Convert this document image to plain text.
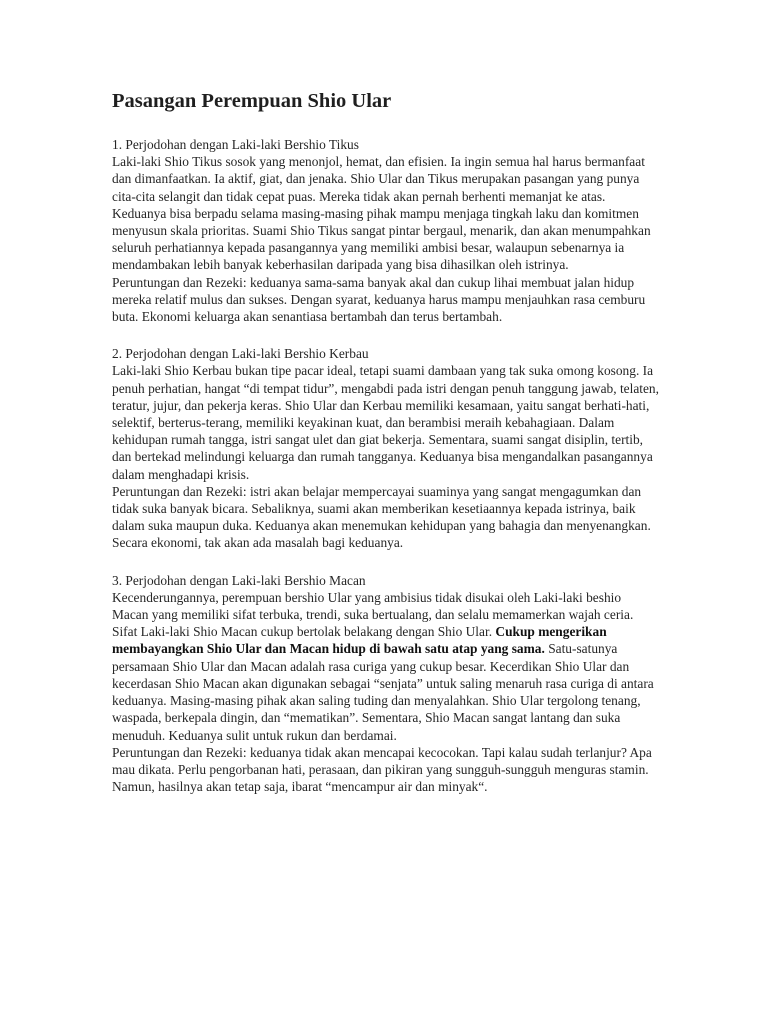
Pasangan Perempuan Shio Ular

1. Perjodohan dengan Laki-laki Bershio Tikus

Laki-laki Shio Tikus sosok yang menonjol, hemat, dan efisien. Ia ingin semua hal harus bermanfaat dan dimanfaatkan. Ia aktif, giat, dan jenaka. Shio Ular dan Tikus merupakan pasangan yang punya cita-cita selangit dan tidak cepat puas. Mereka tidak akan pernah berhenti memanjat ke atas. Keduanya bisa berpadu selama masing-masing pihak mampu menjaga tingkah laku dan komitmen menyusun skala prioritas. Suami Shio Tikus sangat pintar bergaul, menarik, dan akan menumpahkan seluruh perhatiannya kepada pasangannya yang memiliki ambisi besar, walaupun sebenarnya ia mendambakan lebih banyak keberhasilan daripada yang bisa dihasilkan oleh istrinya.

Peruntungan dan Rezeki: keduanya sama-sama banyak akal dan cukup lihai membuat jalan hidup mereka relatif mulus dan sukses. Dengan syarat, keduanya harus mampu menjauhkan rasa cemburu buta. Ekonomi keluarga akan senantiasa bertambah dan terus bertambah.

2. Perjodohan dengan Laki-laki Bershio Kerbau

Laki-laki Shio Kerbau bukan tipe pacar ideal, tetapi suami dambaan yang tak suka omong kosong. Ia penuh perhatian, hangat “di tempat tidur”, mengabdi pada istri dengan penuh tanggung jawab, telaten, teratur, jujur, dan pekerja keras. Shio Ular dan Kerbau memiliki kesamaan, yaitu sangat berhati-hati, selektif, berterus-terang, memiliki keyakinan kuat, dan berambisi meraih kebahagiaan. Dalam kehidupan rumah tangga, istri sangat ulet dan giat bekerja. Sementara, suami sangat disiplin, tertib, dan bertekad melindungi keluarga dan rumah tangganya. Keduanya bisa mengandalkan pasangannya dalam menghadapi krisis.

Peruntungan dan Rezeki: istri akan belajar mempercayai suaminya yang sangat mengagumkan dan tidak suka banyak bicara. Sebaliknya, suami akan memberikan kesetiaannya kepada istrinya, baik dalam suka maupun duka. Keduanya akan menemukan kehidupan yang bahagia dan menyenangkan. Secara ekonomi, tak akan ada masalah bagi keduanya.

3. Perjodohan dengan Laki-laki Bershio Macan

Kecenderungannya, perempuan bershio Ular yang ambisius tidak disukai oleh Laki-laki beshio Macan yang memiliki sifat terbuka, trendi, suka bertualang, dan selalu memamerkan wajah ceria. Sifat Laki-laki Shio Macan cukup bertolak belakang dengan Shio Ular. Cukup mengerikan membayangkan Shio Ular dan Macan hidup di bawah satu atap yang sama. Satu-satunya persamaan Shio Ular dan Macan adalah rasa curiga yang cukup besar. Kecerdikan Shio Ular dan kecerdasan Shio Macan akan digunakan sebagai “senjata” untuk saling menaruh rasa curiga di antara keduanya. Masing-masing pihak akan saling tuding dan menyalahkan. Shio Ular tergolong tenang, waspada, berkepala dingin, dan “mematikan”. Sementara, Shio Macan sangat lantang dan suka menuduh. Keduanya sulit untuk rukun dan berdamai.

Peruntungan dan Rezeki: keduanya tidak akan mencapai kecocokan. Tapi kalau sudah terlanjur? Apa mau dikata. Perlu pengorbanan hati, perasaan, dan pikiran yang sungguh-sungguh menguras stamin. Namun, hasilnya akan tetap saja, ibarat “mencampur air dan minyak“.
